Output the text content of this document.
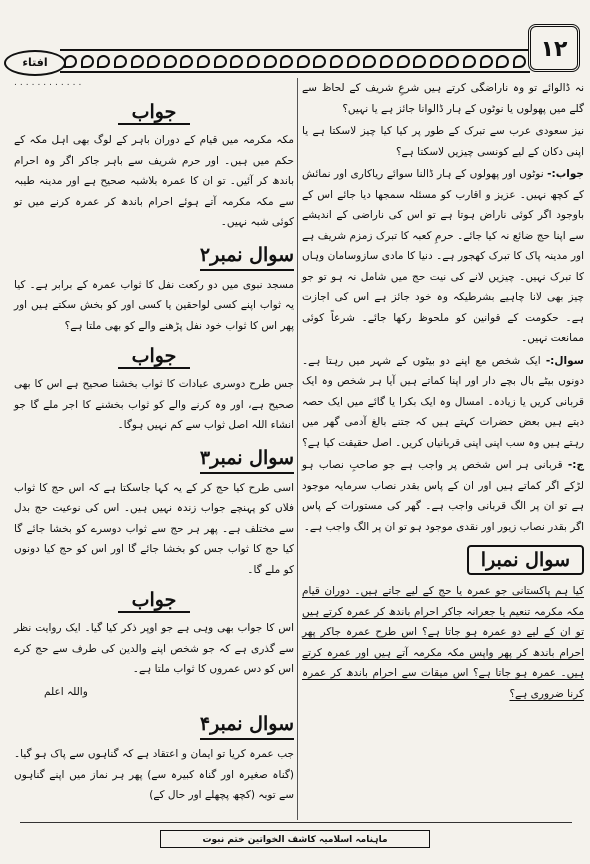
افتاء
۱۲

نہ ڈالوائے تو وہ ناراضگی کرتے ہیں شرعِ شریف کے لحاظ سے گلے میں پھولوں یا نوٹوں کے ہار ڈالوانا جائز ہے یا نہیں؟

نیز سعودی عرب سے تبرک کے طور پر کیا کیا چیز لاسکتا ہے یا اپنی دکان کے لیے کونسی چیزیں لاسکتا ہے؟

جواب:- نوٹوں اور پھولوں کے ہار ڈالنا سوائے ریاکاری اور نمائش کے کچھ نہیں۔ عزیز و اقارب کو مسئلہ سمجھا دیا جائے اس کے باوجود اگر کوئی ناراض ہوتا ہے تو اس کی ناراضی کے اندیشے سے اپنا حج ضائع نہ کیا جائے۔ حرمِ کعبہ کا تبرک زمزم شریف ہے اور مدینہ پاک کا تبرک کھجور ہے۔ دنیا کا مادی سازوسامان وہاں کا تبرک نہیں۔ چیزیں لانے کی نیت حج میں شامل نہ ہو تو جو چیز بھی لانا چاہیے بشرطیکہ وہ خود جائز ہے اس کی اجازت ہے۔ حکومت کے قوانین کو ملحوظ رکھا جائے۔ شرعاً کوئی ممانعت نہیں۔

سوال:- ایک شخص مع اپنے دو بیٹوں کے شہر میں رہتا ہے۔ دونوں بیٹے بال بچے دار اور اپنا کماتے ہیں آیا ہر شخص وہ ایک قربانی کریں یا زیادہ۔ امسال وہ ایک بکرا یا گائے میں ایک حصہ دیتے ہیں بعض حضرات کہتے ہیں کہ جتنے بالغ آدمی گھر میں رہتے ہیں وہ سب اپنی اپنی قربانیاں کریں۔ اصل حقیقت کیا ہے؟

ج:- قربانی ہر اس شخص پر واجب ہے جو صاحبِ نصاب ہو لڑکے اگر کماتے ہیں اور ان کے پاس بقدر نصاب سرمایہ موجود ہے تو ان پر الگ قربانی واجب ہے۔ گھر کی مستورات کے پاس اگر بقدر نصاب زیور اور نقدی موجود ہو تو ان پر الگ واجب ہے۔

سوال نمبرا

کیا ہم پاکستانی جو عمرہ یا حج کے لیے جاتے ہیں۔ دوران قیام مکہ مکرمہ تنعیم یا جعرانہ جاکر احرام باندھ کر عمرہ کرتے ہیں تو ان کے لیے دو عمرہ ہو جاتا ہے؟ اس طرح عمرہ جاکر پھر احرام باندھ کر پھر واپس مکہ مکرمہ آتے ہیں اور عمرہ کرتے ہیں۔ عمرہ ہو جاتا ہے؟ اس میقات سے احرام باندھ کر عمرہ کرنا ضروری ہے؟

............

جواب

مکہ مکرمہ میں قیام کے دوران باہر کے لوگ بھی اہل مکہ کے حکم میں ہیں۔ اور حرم شریف سے باہر جاکر اگر وہ احرام باندھ کر آئیں۔ تو ان کا عمرہ بلاشبہ صحیح ہے اور مدینہ طیبہ سے مکہ مکرمہ آتے ہوئے احرام باندھ کر عمرہ کرنے میں تو کوئی شبہ نہیں۔

سوال نمبر۲

مسجد نبوی میں دو رکعت نفل کا ثواب عمرہ کے برابر ہے۔ کیا یہ ثواب اپنے کسی لواحقین یا کسی اور کو بخش سکتے ہیں اور پھر اس کا ثواب خود نفل پڑھنے والے کو بھی ملتا ہے؟

جواب

جس طرح دوسری عبادات کا ثواب بخشنا صحیح ہے اس کا بھی صحیح ہے، اور وہ کرنے والے کو ثواب بخشنے کا اجر ملے گا جو انشاء اللہ اصل ثواب سے کم نہیں ہوگا۔

سوال نمبر۳

اسی طرح کیا حج کر کے یہ کہا جاسکتا ہے کہ اس حج کا ثواب فلاں کو پہنچے جواب زندہ نہیں ہیں۔ اس کی نوعیت حج بدل سے مختلف ہے۔ پھر ہر حج سے ثواب دوسرے کو بخشا جائے گا کیا حج کا ثواب جس کو بخشا جائے گا اور اس کو حج کیا دونوں کو ملے گا۔

جواب

اس کا جواب بھی وہی ہے جو اوپر ذکر کیا گیا۔ ایک روایت نظر سے گذری ہے کہ جو شخص اپنے والدین کی طرف سے حج کرے اس کو دس عمروں کا ثواب ملتا ہے۔

واللہ اعلم

سوال نمبر۴

جب عمرہ کریا تو ایمان و اعتقاد ہے کہ گناہوں سے پاک ہو گیا۔ (گناہ صغیرہ اور گناہ کبیرہ سے) پھر ہر نماز میں اپنے گناہوں سے توبہ (کچھ پچھلے اور حال کے)

ماہنامہ اسلامیہ کاشف الخواتین ختم نبوت
